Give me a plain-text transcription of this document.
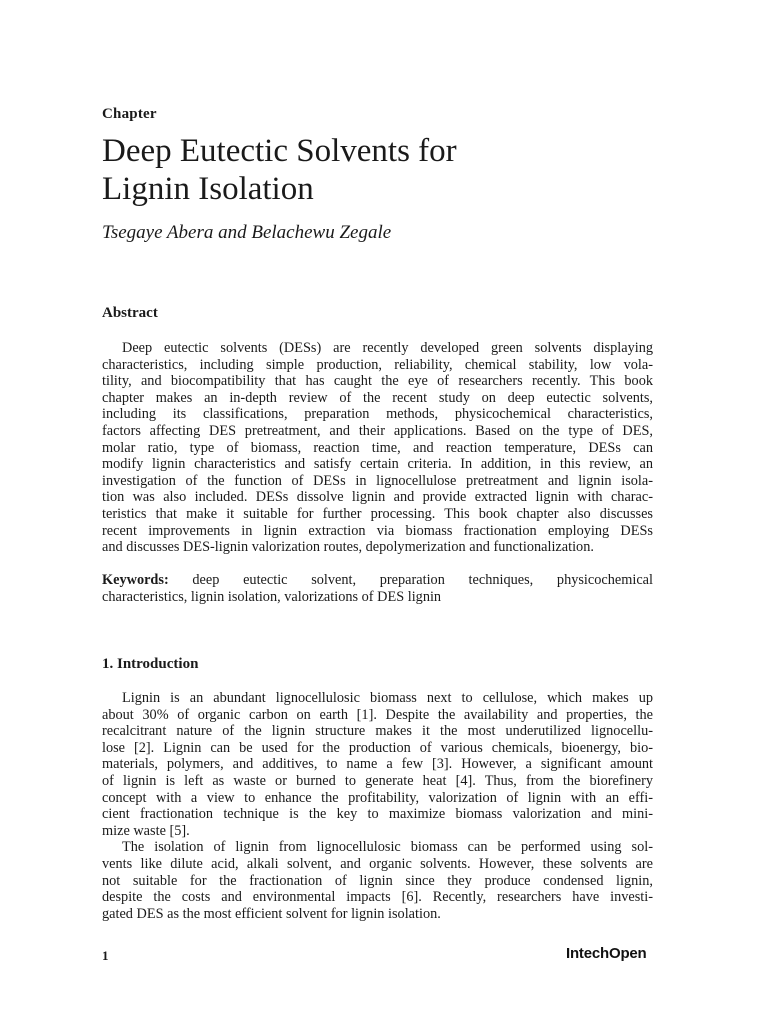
Chapter
Deep Eutectic Solvents for
Lignin Isolation
Tsegaye Abera and Belachewu Zegale
Abstract
Deep eutectic solvents (DESs) are recently developed green solvents displaying
characteristics, including simple production, reliability, chemical stability, low vola-
tility, and biocompatibility that has caught the eye of researchers recently. This book
chapter makes an in-depth review of the recent study on deep eutectic solvents,
including its classifications, preparation methods, physicochemical characteristics,
factors affecting DES pretreatment, and their applications. Based on the type of DES,
molar ratio, type of biomass, reaction time, and reaction temperature, DESs can
modify lignin characteristics and satisfy certain criteria. In addition, in this review, an
investigation of the function of DESs in lignocellulose pretreatment and lignin isola-
tion was also included. DESs dissolve lignin and provide extracted lignin with charac-
teristics that make it suitable for further processing. This book chapter also discusses
recent improvements in lignin extraction via biomass fractionation employing DESs
and discusses DES-lignin valorization routes, depolymerization and functionalization.
Keywords: deep eutectic solvent, preparation techniques, physicochemical
characteristics, lignin isolation, valorizations of DES lignin
1. Introduction
Lignin is an abundant lignocellulosic biomass next to cellulose, which makes up
about 30% of organic carbon on earth [1]. Despite the availability and properties, the
recalcitrant nature of the lignin structure makes it the most underutilized lignocellu-
lose [2]. Lignin can be used for the production of various chemicals, bioenergy, bio-
materials, polymers, and additives, to name a few [3]. However, a significant amount
of lignin is left as waste or burned to generate heat [4]. Thus, from the biorefinery
concept with a view to enhance the profitability, valorization of lignin with an effi-
cient fractionation technique is the key to maximize biomass valorization and mini-
mize waste [5].
The isolation of lignin from lignocellulosic biomass can be performed using sol-
vents like dilute acid, alkali solvent, and organic solvents. However, these solvents are
not suitable for the fractionation of lignin since they produce condensed lignin,
despite the costs and environmental impacts [6]. Recently, researchers have investi-
gated DES as the most efficient solvent for lignin isolation.
1	IntechOpen
